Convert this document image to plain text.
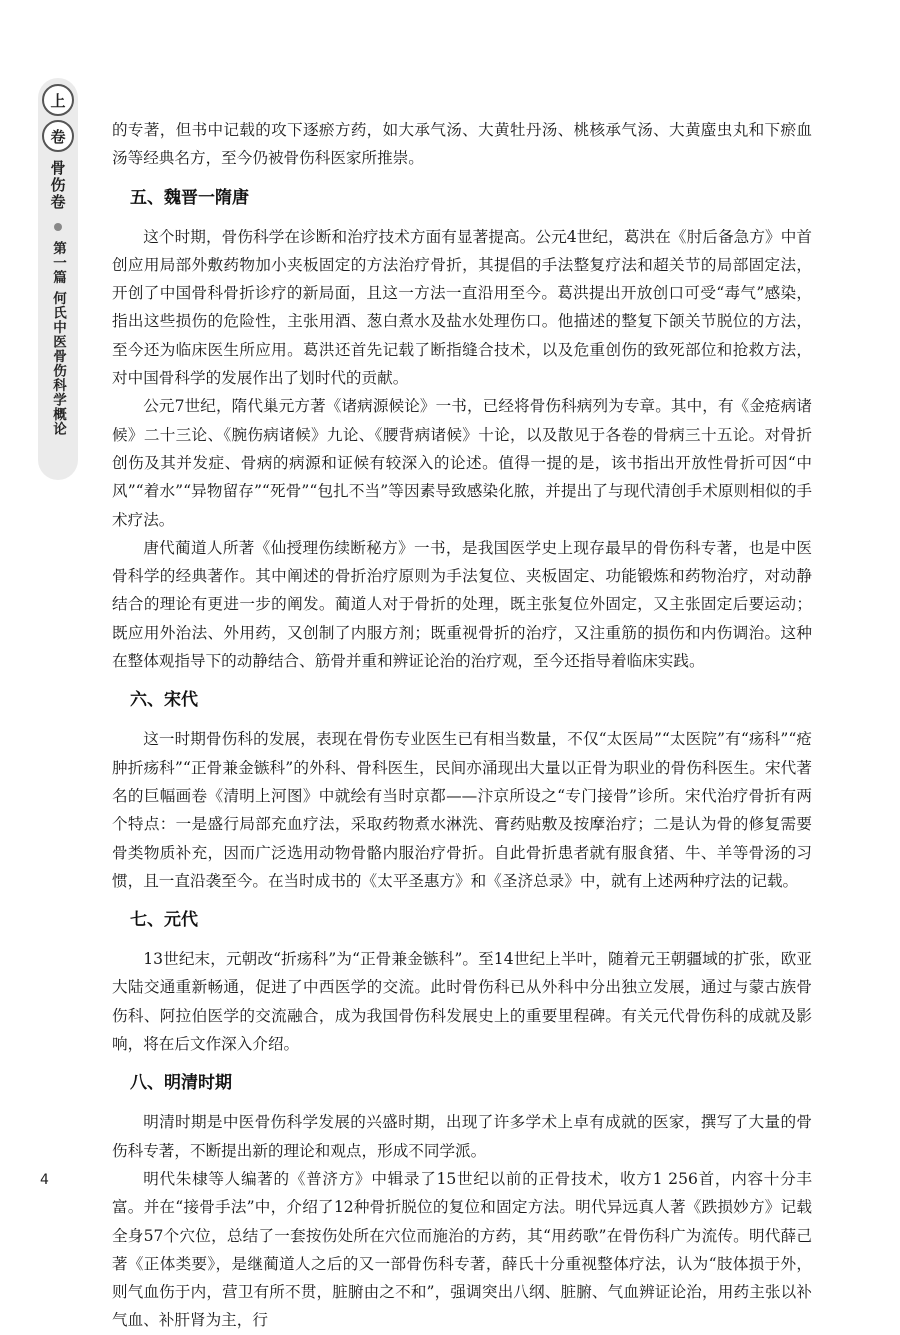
上
卷
骨伤卷
第一篇
何氏中医骨伤科学概论

的专著，但书中记载的攻下逐瘀方药，如大承气汤、大黄牡丹汤、桃核承气汤、大黄䗪虫丸和下瘀血汤等经典名方，至今仍被骨伤科医家所推崇。

五、魏晋一隋唐

这个时期，骨伤科学在诊断和治疗技术方面有显著提高。公元4世纪，葛洪在《肘后备急方》中首创应用局部外敷药物加小夹板固定的方法治疗骨折，其提倡的手法整复疗法和超关节的局部固定法，开创了中国骨科骨折诊疗的新局面，且这一方法一直沿用至今。葛洪提出开放创口可受“毒气”感染，指出这些损伤的危险性，主张用酒、葱白煮水及盐水处理伤口。他描述的整复下颌关节脱位的方法，至今还为临床医生所应用。葛洪还首先记载了断指缝合技术，以及危重创伤的致死部位和抢救方法，对中国骨科学的发展作出了划时代的贡献。

公元7世纪，隋代巢元方著《诸病源候论》一书，已经将骨伤科病列为专章。其中，有《金疮病诸候》二十三论、《腕伤病诸候》九论、《腰背病诸候》十论，以及散见于各卷的骨病三十五论。对骨折创伤及其并发症、骨病的病源和证候有较深入的论述。值得一提的是，该书指出开放性骨折可因“中风”“着水”“异物留存”“死骨”“包扎不当”等因素导致感染化脓，并提出了与现代清创手术原则相似的手术疗法。

唐代蔺道人所著《仙授理伤续断秘方》一书，是我国医学史上现存最早的骨伤科专著，也是中医骨科学的经典著作。其中阐述的骨折治疗原则为手法复位、夹板固定、功能锻炼和药物治疗，对动静结合的理论有更进一步的阐发。蔺道人对于骨折的处理，既主张复位外固定，又主张固定后要运动；既应用外治法、外用药，又创制了内服方剂；既重视骨折的治疗，又注重筋的损伤和内伤调治。这种在整体观指导下的动静结合、筋骨并重和辨证论治的治疗观，至今还指导着临床实践。

六、宋代

这一时期骨伤科的发展，表现在骨伤专业医生已有相当数量，不仅“太医局”“太医院”有“疡科”“疮肿折疡科”“正骨兼金镞科”的外科、骨科医生，民间亦涌现出大量以正骨为职业的骨伤科医生。宋代著名的巨幅画卷《清明上河图》中就绘有当时京都——汴京所设之“专门接骨”诊所。宋代治疗骨折有两个特点：一是盛行局部充血疗法，采取药物煮水淋洗、膏药贴敷及按摩治疗；二是认为骨的修复需要骨类物质补充，因而广泛选用动物骨骼内服治疗骨折。自此骨折患者就有服食猪、牛、羊等骨汤的习惯，且一直沿袭至今。在当时成书的《太平圣惠方》和《圣济总录》中，就有上述两种疗法的记载。

七、元代

13世纪末，元朝改“折疡科”为“正骨兼金镞科”。至14世纪上半叶，随着元王朝疆域的扩张，欧亚大陆交通重新畅通，促进了中西医学的交流。此时骨伤科已从外科中分出独立发展，通过与蒙古族骨伤科、阿拉伯医学的交流融合，成为我国骨伤科发展史上的重要里程碑。有关元代骨伤科的成就及影响，将在后文作深入介绍。

八、明清时期

明清时期是中医骨伤科学发展的兴盛时期，出现了许多学术上卓有成就的医家，撰写了大量的骨伤科专著，不断提出新的理论和观点，形成不同学派。

明代朱棣等人编著的《普济方》中辑录了15世纪以前的正骨技术，收方1 256首，内容十分丰富。并在“接骨手法”中，介绍了12种骨折脱位的复位和固定方法。明代异远真人著《跌损妙方》记载全身57个穴位，总结了一套按伤处所在穴位而施治的方药，其“用药歌”在骨伤科广为流传。明代薛己著《正体类要》，是继蔺道人之后的又一部骨伤科专著，薛氏十分重视整体疗法，认为“肢体损于外，则气血伤于内，营卫有所不贯，脏腑由之不和”，强调突出八纲、脏腑、气血辨证论治，用药主张以补气血、补肝肾为主，行

4
